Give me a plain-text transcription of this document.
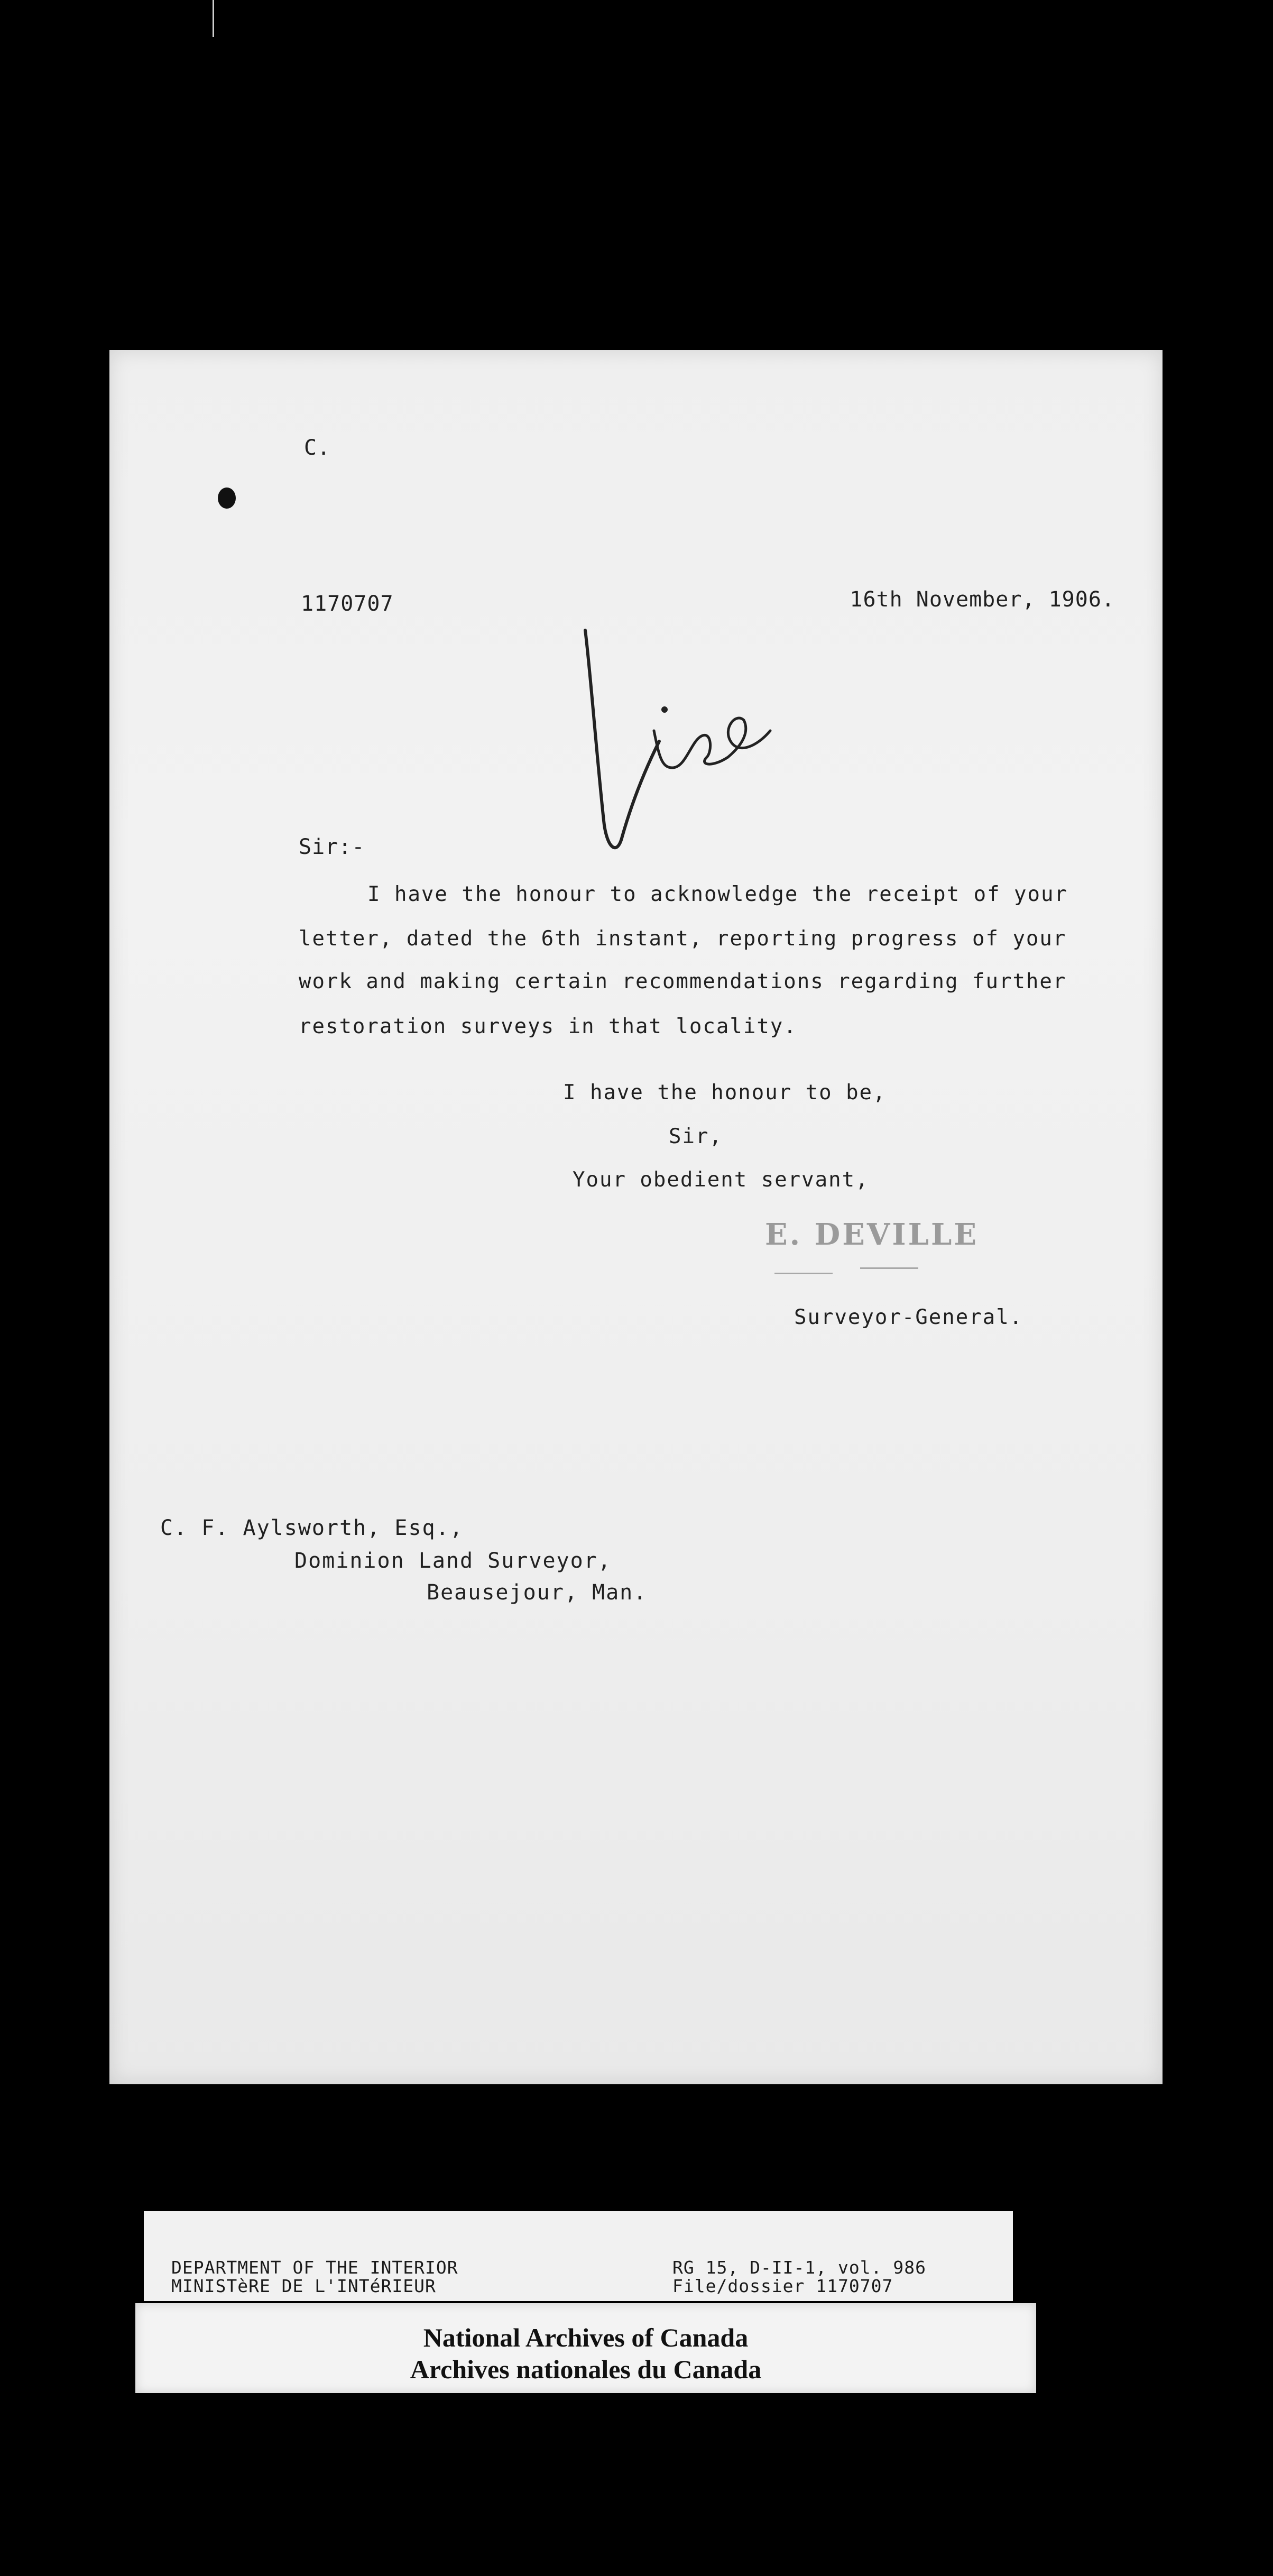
C.
1170707	16th November, 1906.
Sir:-
I have the honour to acknowledge the receipt of your
letter, dated the 6th instant, reporting progress of your
work and making certain recommendations regarding further
restoration surveys in that locality.
I have the honour to be,
Sir,
Your obedient servant,
E. DEVILLE
Surveyor-General.
C. F. Aylsworth, Esq.,
Dominion Land Surveyor,
Beausejour, Man.
DEPARTMENT OF THE INTERIOR
MINISTèRE DE L'INTéRIEUR
RG 15, D-II-1, vol. 986
File/dossier 1170707
National Archives of Canada
Archives nationales du Canada
